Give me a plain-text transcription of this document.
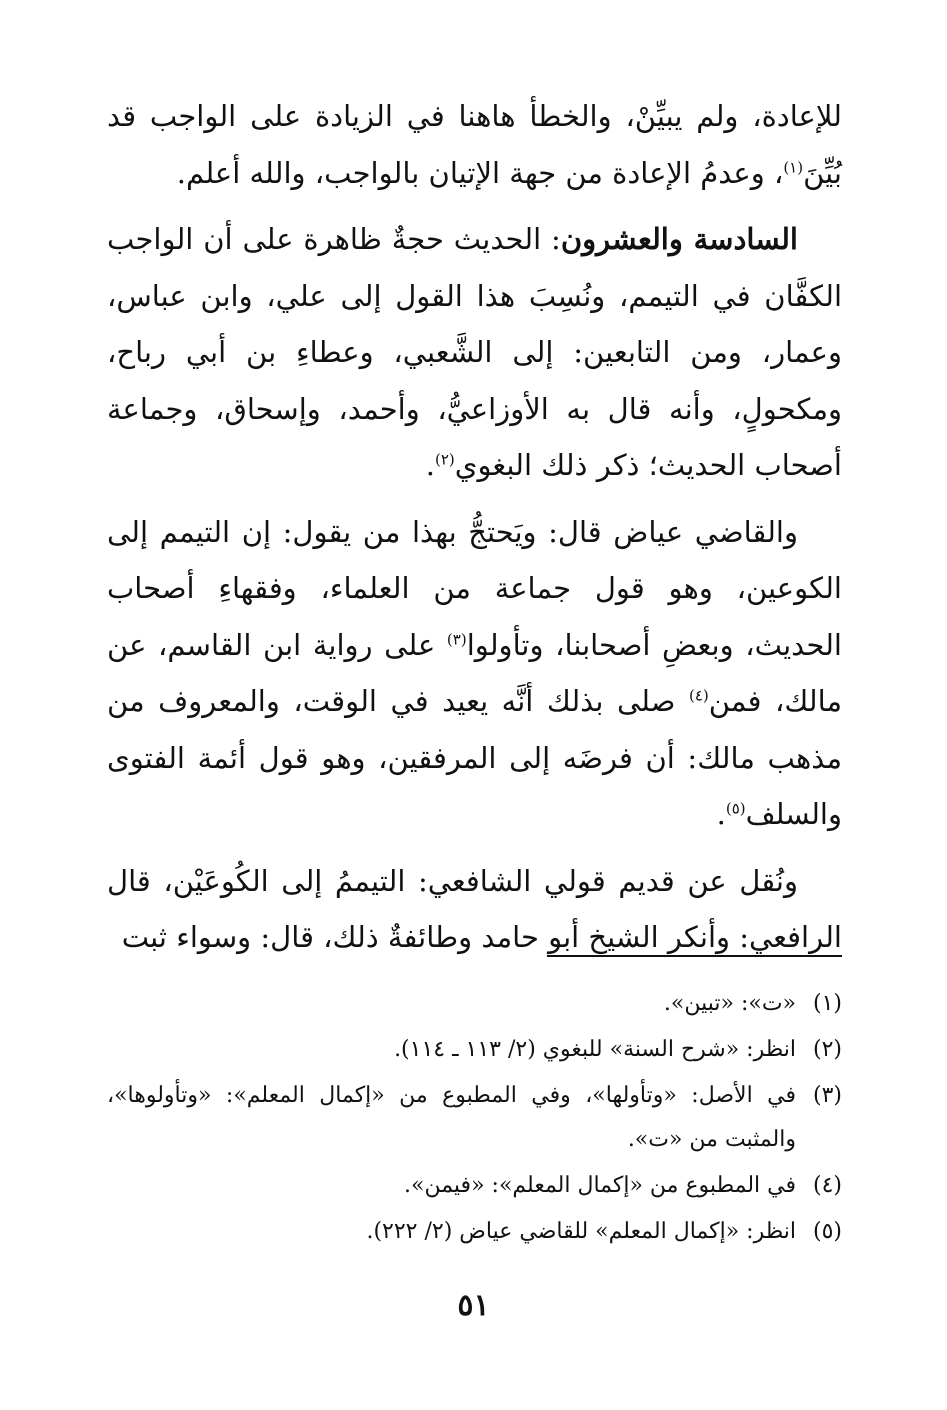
للإعادة، ولم يبيِّنْ، والخطأ هاهنا في الزيادة على الواجب قد بُيِّنَ$^{(١)}$، وعدمُ الإعادة من جهة الإتيان بالواجب، والله أعلم.

السادسة والعشرون: الحديث حجةٌ ظاهرة على أن الواجب الكفَّان في التيمم، ونُسِبَ هذا القول إلى علي، وابن عباس، وعمار، ومن التابعين: إلى الشَّعبي، وعطاءِ بن أبي رباح، ومكحولٍ، وأنه قال به الأوزاعيُّ، وأحمد، وإسحاق، وجماعة أصحاب الحديث؛ ذكر ذلك البغوي$^{(٢)}$.

والقاضي عياض قال: ويَحتجُّ بهذا من يقول: إن التيمم إلى الكوعين، وهو قول جماعة من العلماء، وفقهاءِ أصحاب الحديث، وبعضِ أصحابنا، وتأولوا$^{(٣)}$ على رواية ابن القاسم، عن مالك، فمن$^{(٤)}$ صلى بذلك أنَّه يعيد في الوقت، والمعروف من مذهب مالك: أن فرضَه إلى المرفقين، وهو قول أئمة الفتوى والسلف$^{(٥)}$.

ونُقل عن قديم قولي الشافعي: التيممُ إلى الكُوعَيْن، قال الرافعي: وأنكر الشيخ أبو حامد وطائفةٌ ذلك، قال: وسواء ثبت

(١)
«ت»: «تبين».
(٢)
انظر: «شرح السنة» للبغوي (٢/ ١١٣ ـ ١١٤).
(٣)
في الأصل: «وتأولها»، وفي المطبوع من «إكمال المعلم»: «وتأولوها»، والمثبت من «ت».
(٤)
في المطبوع من «إكمال المعلم»: «فيمن».
(٥)
انظر: «إكمال المعلم» للقاضي عياض (٢/ ٢٢٢).
٥١
